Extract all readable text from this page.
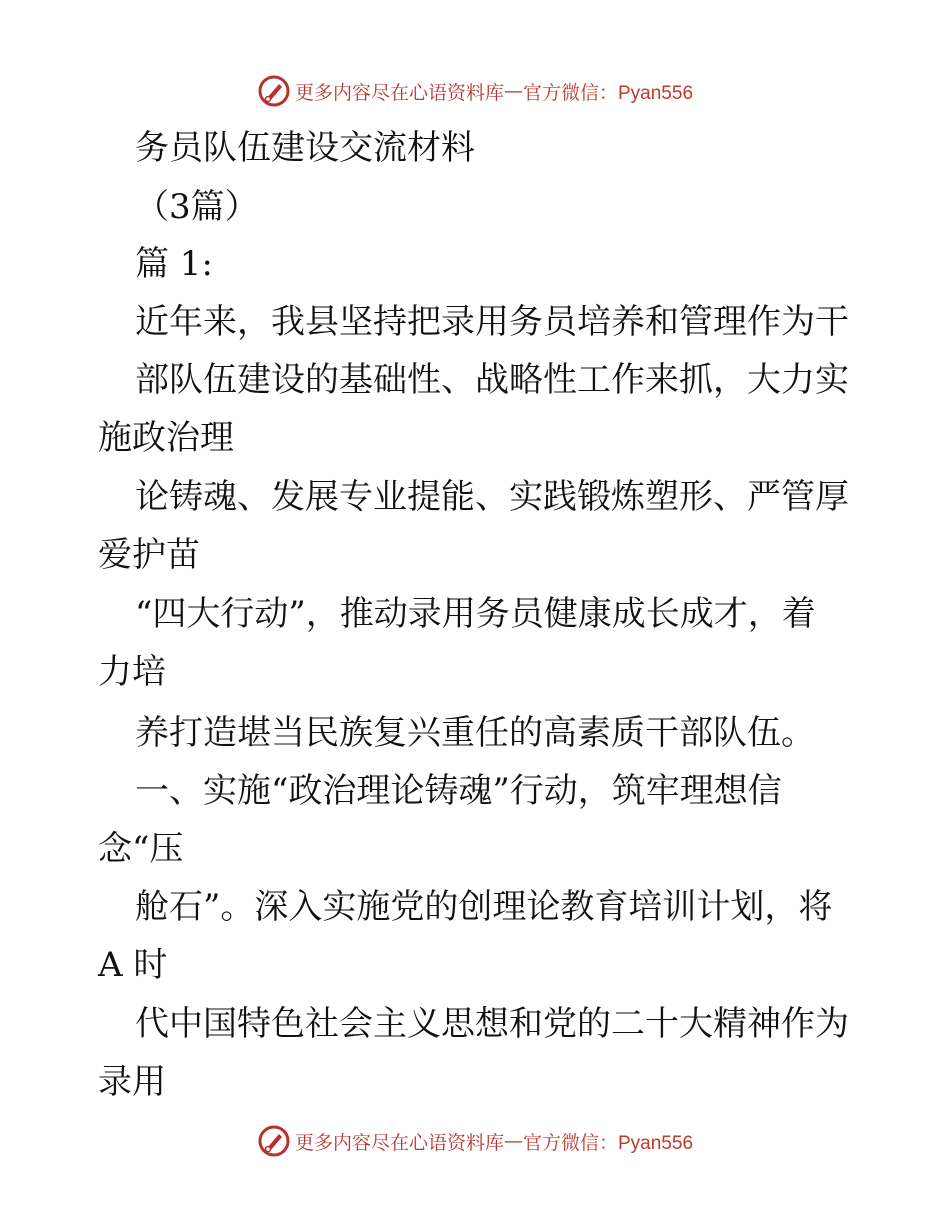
更多内容尽在心语资料库 — 官方微信：Pyan556
务员队伍建设交流材料
（3篇）
篇 1:
近年来，我县坚持把录用务员培养和管理作为干
部队伍建设的基础性、战略性工作来抓，大力实
施政治理
论铸魂、发展专业提能、实践锻炼塑形、严管厚
爱护苗
“四大行动”，推动录用务员健康成长成才，着
力培
养打造堪当民族复兴重任的高素质干部队伍。
一、实施“政治理论铸魂”行动，筑牢理想信
念“压
舱石”。深入实施党的创理论教育培训计划，将
A 时
代中国特色社会主义思想和党的二十大精神作为
录用
更多内容尽在心语资料库 — 官方微信：Pyan556
